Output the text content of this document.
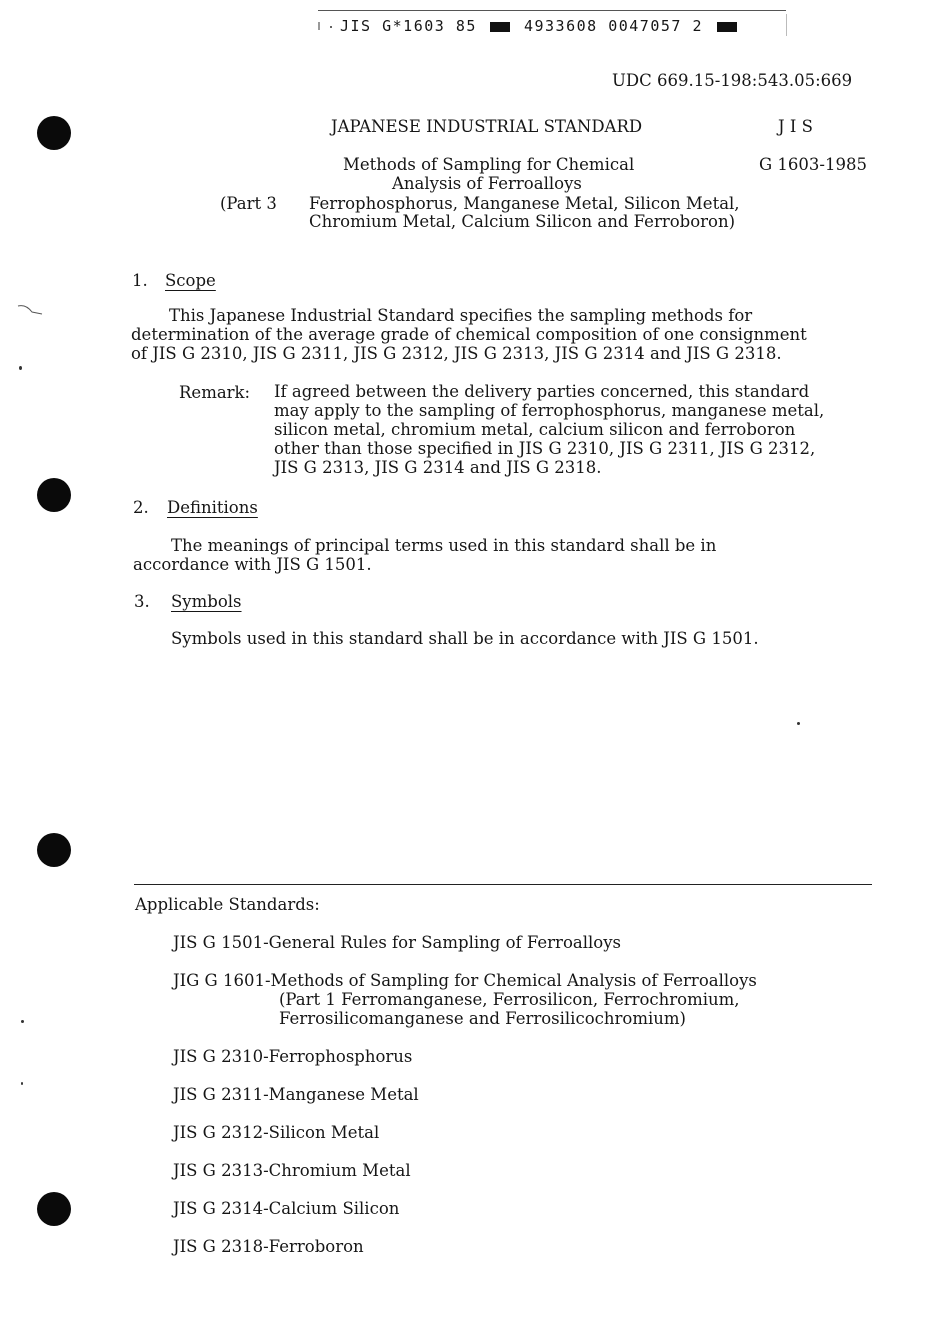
JIS G*1603 85	4933608 0047057 2
UDC 669.15-198:543.05:669
JAPANESE INDUSTRIAL STANDARD	J I S
Methods of Sampling for Chemical	G 1603-1985
Analysis of Ferroalloys
(Part 3 Ferrophosphorus, Manganese Metal, Silicon Metal,
Chromium Metal, Calcium Silicon and Ferroboron)
1. Scope
This Japanese Industrial Standard specifies the sampling methods for
determination of the average grade of chemical composition of one consignment
of JIS G 2310, JIS G 2311, JIS G 2312, JIS G 2313, JIS G 2314 and JIS G 2318.
Remark: If agreed between the delivery parties concerned, this standard
may apply to the sampling of ferrophosphorus, manganese metal,
silicon metal, chromium metal, calcium silicon and ferroboron
other than those specified in JIS G 2310, JIS G 2311, JIS G 2312,
JIS G 2313, JIS G 2314 and JIS G 2318.
2. Definitions
The meanings of principal terms used in this standard shall be in
accordance with JIS G 1501.
3. Symbols
Symbols used in this standard shall be in accordance with JIS G 1501.
Applicable Standards:
JIS G 1501-General Rules for Sampling of Ferroalloys
JIG G 1601-Methods of Sampling for Chemical Analysis of Ferroalloys
(Part 1 Ferromanganese, Ferrosilicon, Ferrochromium,
Ferrosilicomanganese and Ferrosilicochromium)
JIS G 2310-Ferrophosphorus
JIS G 2311-Manganese Metal
JIS G 2312-Silicon Metal
JIS G 2313-Chromium Metal
JIS G 2314-Calcium Silicon
JIS G 2318-Ferroboron
